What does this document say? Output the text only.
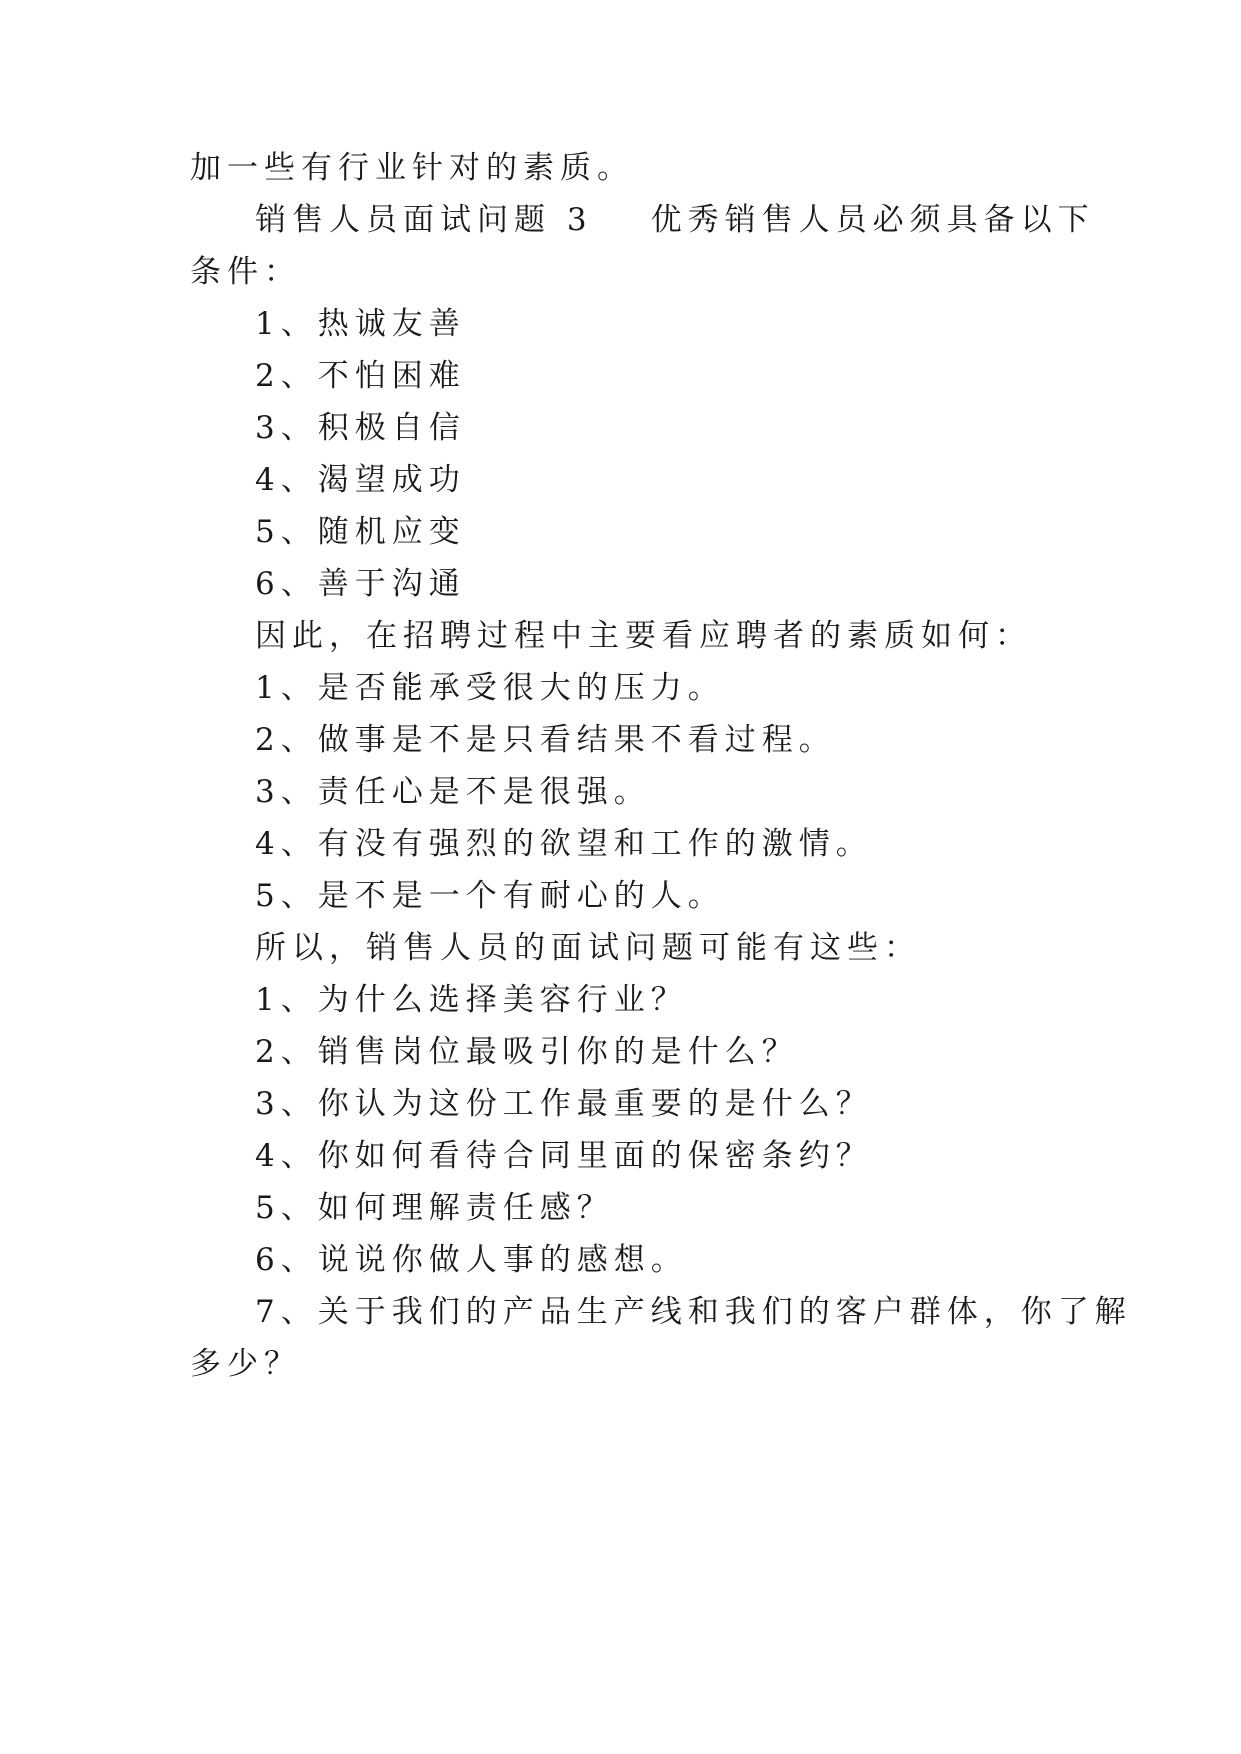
加一些有行业针对的素质。
销售人员面试问题 3 优秀销售人员必须具备以下
条件：
1、热诚友善
2、不怕困难
3、积极自信
4、渴望成功
5、随机应变
6、善于沟通
因此，在招聘过程中主要看应聘者的素质如何：
1、是否能承受很大的压力。
2、做事是不是只看结果不看过程。
3、责任心是不是很强。
4、有没有强烈的欲望和工作的激情。
5、是不是一个有耐心的人。
所以，销售人员的面试问题可能有这些：
1、为什么选择美容行业？
2、销售岗位最吸引你的是什么？
3、你认为这份工作最重要的是什么？
4、你如何看待合同里面的保密条约？
5、如何理解责任感？
6、说说你做人事的感想。
7、关于我们的产品生产线和我们的客户群体，你了解
多少？
